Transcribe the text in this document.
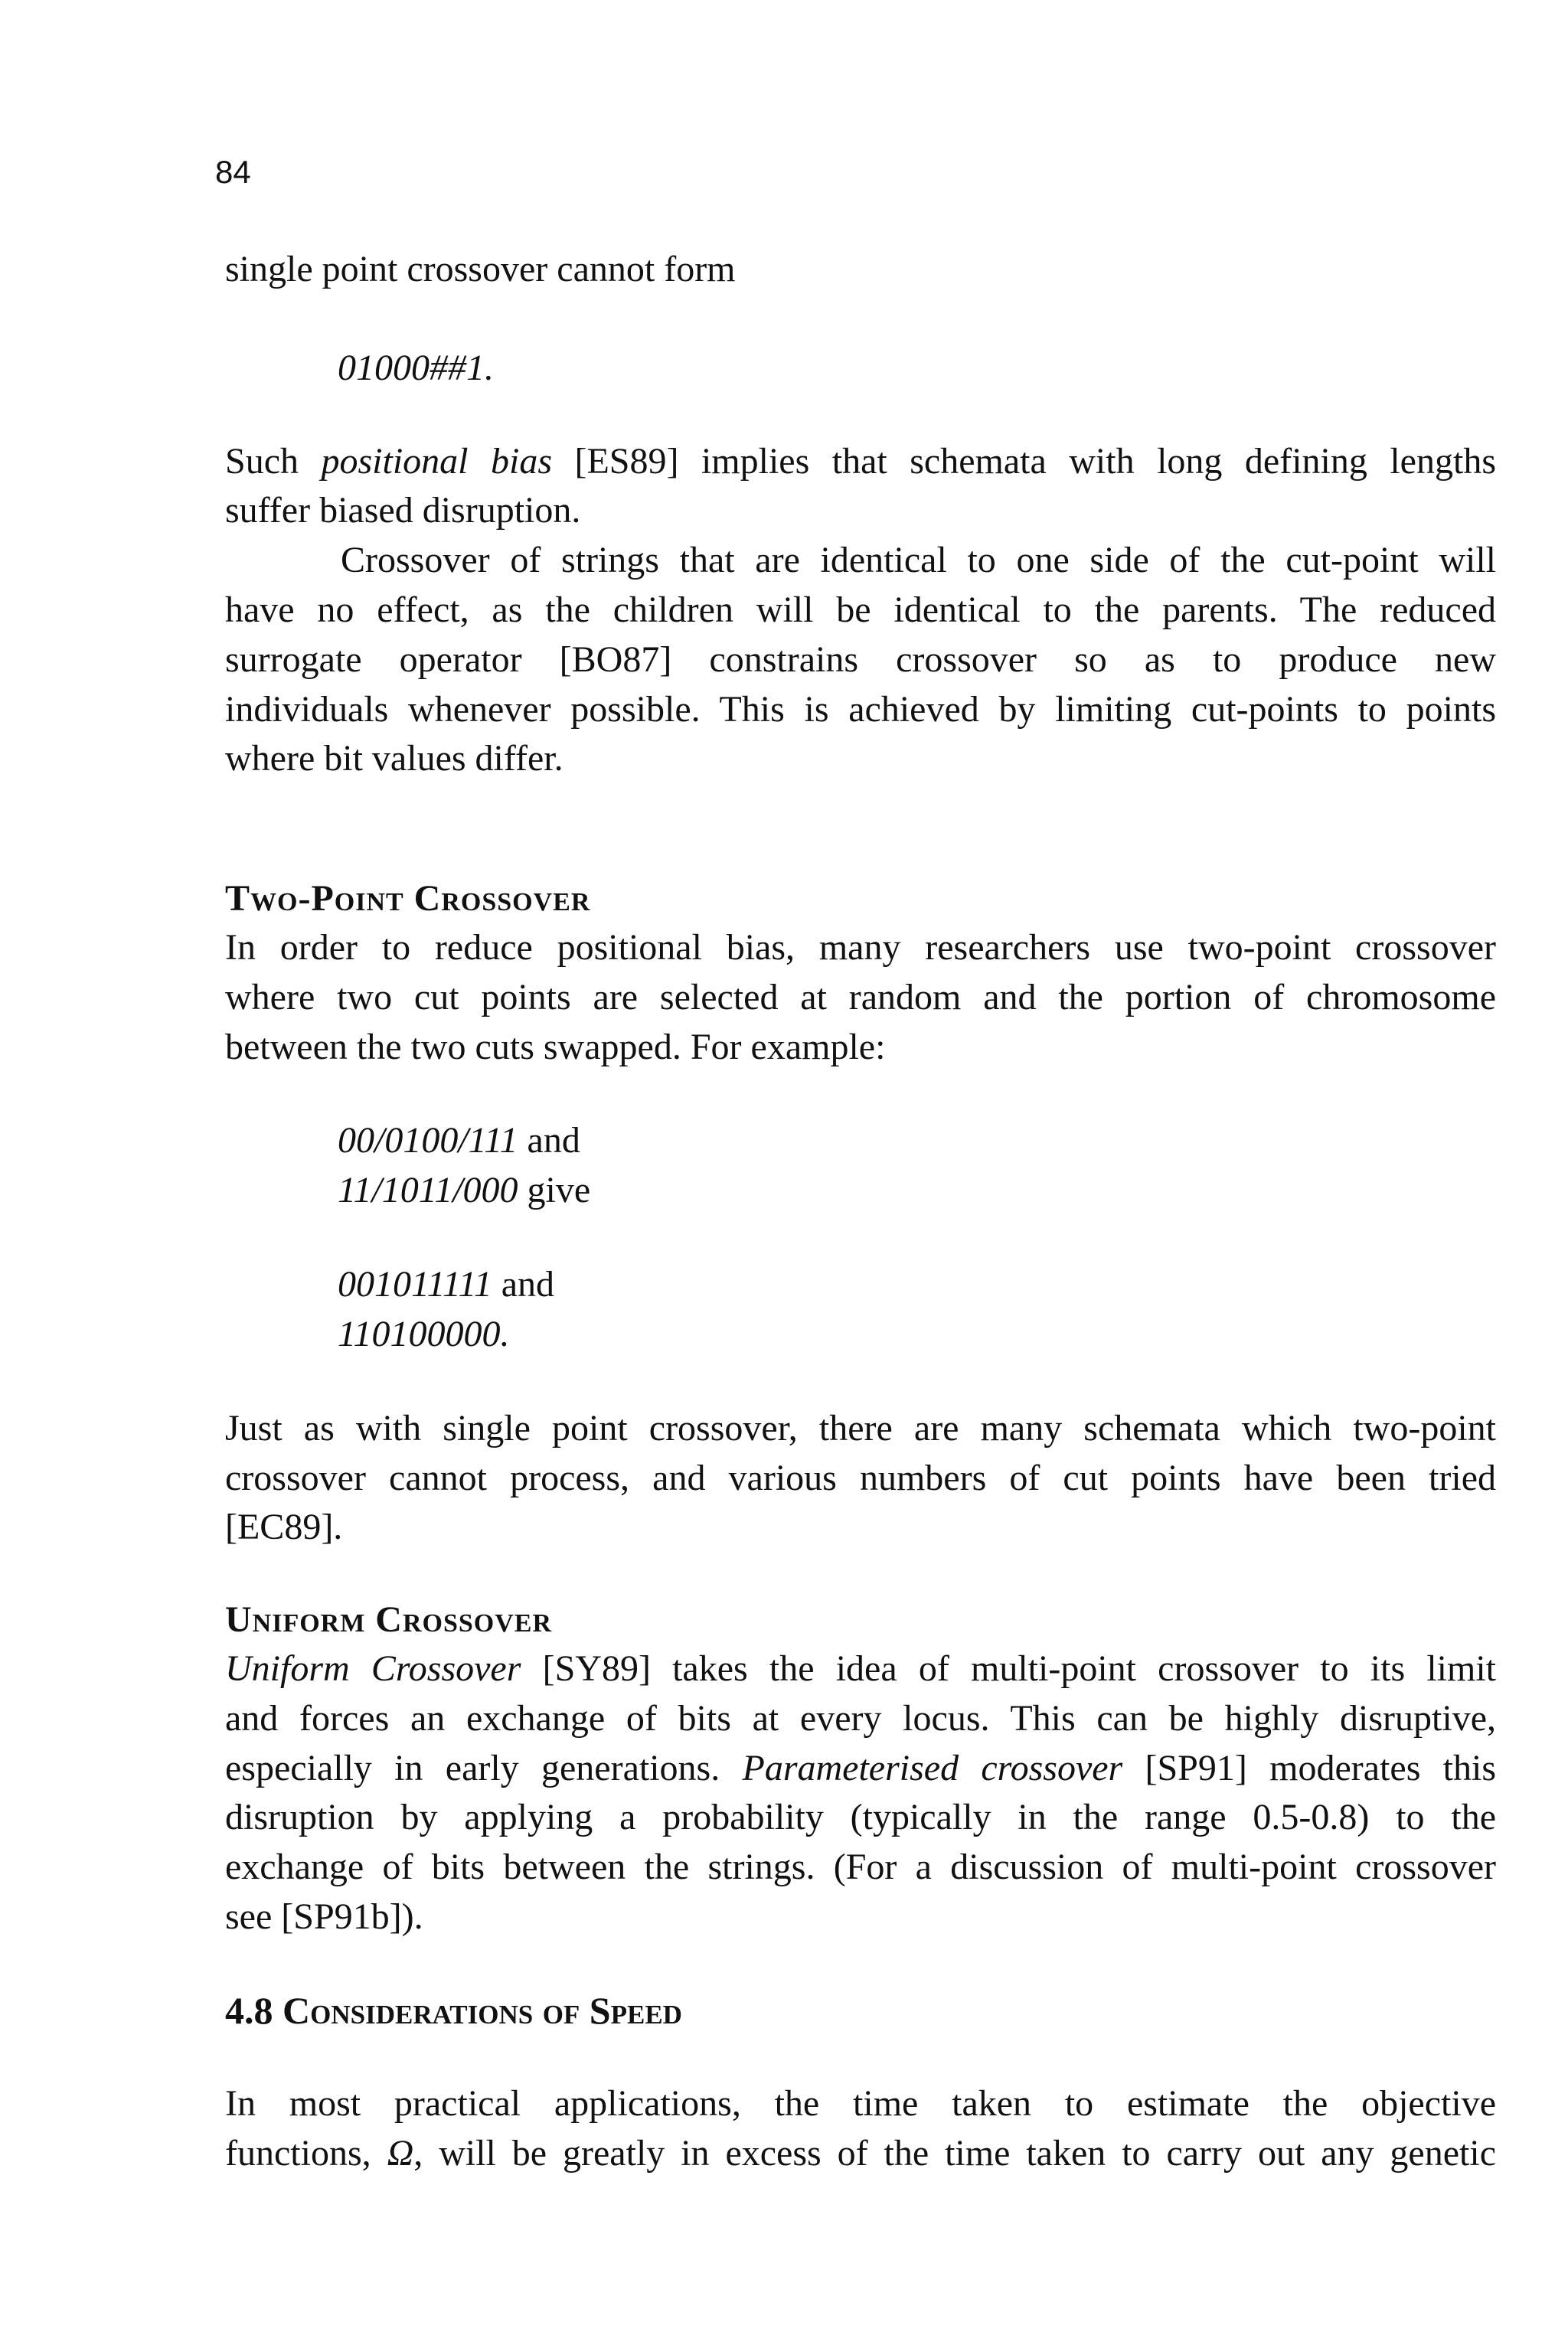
84
single point crossover cannot form
01000##1.
Such positional bias [ES89] implies that schemata with long defining lengths
suffer biased disruption.
Crossover of strings that are identical to one side of the cut-point will
have no effect, as the children will be identical to the parents. The reduced
surrogate operator [BO87] constrains crossover so as to produce new
individuals whenever possible. This is achieved by limiting cut-points to points
where bit values differ.
Two-Point Crossover
In order to reduce positional bias, many researchers use two-point crossover
where two cut points are selected at random and the portion of chromosome
between the two cuts swapped. For example:
00/0100/111 and
11/1011/000 give
001011111 and
110100000.
Just as with single point crossover, there are many schemata which two-point
crossover cannot process, and various numbers of cut points have been tried
[EC89].
Uniform Crossover
Uniform Crossover [SY89] takes the idea of multi-point crossover to its limit
and forces an exchange of bits at every locus. This can be highly disruptive,
especially in early generations. Parameterised crossover [SP91] moderates this
disruption by applying a probability (typically in the range 0.5-0.8) to the
exchange of bits between the strings. (For a discussion of multi-point crossover
see [SP91b]).
4.8 Considerations of Speed
In most practical applications, the time taken to estimate the objective
functions, Ω, will be greatly in excess of the time taken to carry out any genetic
